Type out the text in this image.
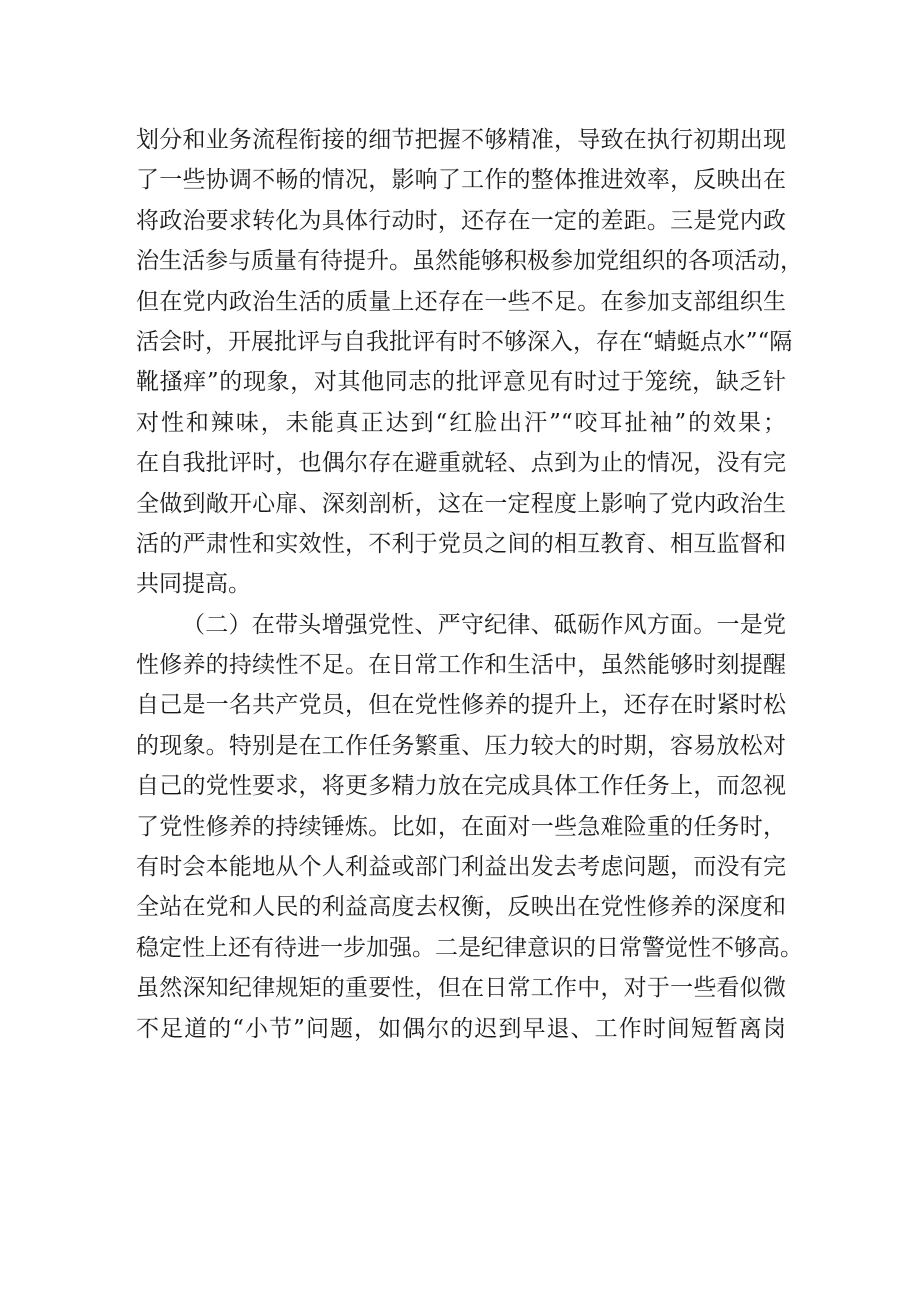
划分和业务流程衔接的细节把握不够精准，导致在执行初期出现
了一些协调不畅的情况，影响了工作的整体推进效率，反映出在
将政治要求转化为具体行动时，还存在一定的差距。三是党内政
治生活参与质量有待提升。虽然能够积极参加党组织的各项活动，
但在党内政治生活的质量上还存在一些不足。在参加支部组织生
活会时，开展批评与自我批评有时不够深入，存在“蜻蜓点水”“隔
靴搔痒”的现象，对其他同志的批评意见有时过于笼统，缺乏针
对性和辣味，未能真正达到“红脸出汗”“咬耳扯袖”的效果；
在自我批评时，也偶尔存在避重就轻、点到为止的情况，没有完
全做到敞开心扉、深刻剖析，这在一定程度上影响了党内政治生
活的严肃性和实效性，不利于党员之间的相互教育、相互监督和
共同提高。
（二）在带头增强党性、严守纪律、砥砺作风方面。一是党
性修养的持续性不足。在日常工作和生活中，虽然能够时刻提醒
自己是一名共产党员，但在党性修养的提升上，还存在时紧时松
的现象。特别是在工作任务繁重、压力较大的时期，容易放松对
自己的党性要求，将更多精力放在完成具体工作任务上，而忽视
了党性修养的持续锤炼。比如，在面对一些急难险重的任务时，
有时会本能地从个人利益或部门利益出发去考虑问题，而没有完
全站在党和人民的利益高度去权衡，反映出在党性修养的深度和
稳定性上还有待进一步加强。二是纪律意识的日常警觉性不够高。
虽然深知纪律规矩的重要性，但在日常工作中，对于一些看似微
不足道的“小节”问题，如偶尔的迟到早退、工作时间短暂离岗
